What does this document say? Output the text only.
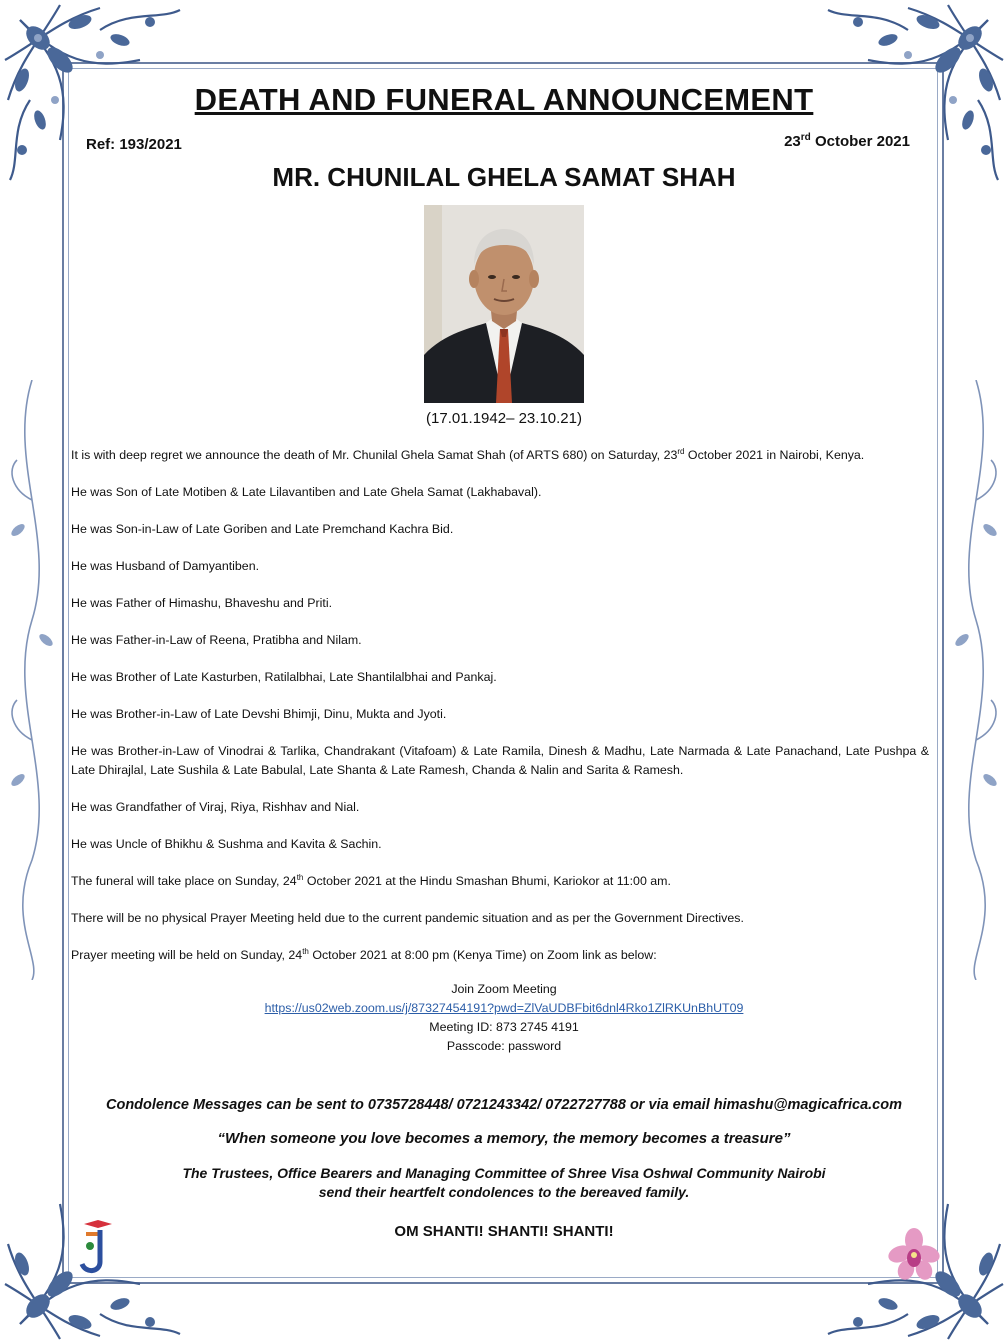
DEATH AND FUNERAL ANNOUNCEMENT
Ref: 193/2021	23rd October 2021
MR. CHUNILAL GHELA SAMAT SHAH
(17.01.1942– 23.10.21)

It is with deep regret we announce the death of Mr. Chunilal Ghela Samat Shah (of ARTS 680) on Saturday, 23rd October 2021 in Nairobi, Kenya.

He was Son of Late Motiben & Late Lilavantiben and Late Ghela Samat (Lakhabaval).

He was Son-in-Law of Late Goriben and Late Premchand Kachra Bid.

He was Husband of Damyantiben.

He was Father of Himashu, Bhaveshu and Priti.

He was Father-in-Law of Reena, Pratibha and Nilam.

He was Brother of Late Kasturben, Ratilalbhai, Late Shantilalbhai and Pankaj.

He was Brother-in-Law of Late Devshi Bhimji, Dinu, Mukta and Jyoti.

He was Brother-in-Law of Vinodrai & Tarlika, Chandrakant (Vitafoam) & Late Ramila, Dinesh & Madhu, Late Narmada & Late Panachand, Late Pushpa & Late Dhirajlal, Late Sushila & Late Babulal, Late Shanta & Late Ramesh, Chanda & Nalin and Sarita & Ramesh.

He was Grandfather of Viraj, Riya, Rishhav and Nial.

He was Uncle of Bhikhu & Sushma and Kavita & Sachin.

The funeral will take place on Sunday, 24th October 2021 at the Hindu Smashan Bhumi, Kariokor at 11:00 am.

There will be no physical Prayer Meeting held due to the current pandemic situation and as per the Government Directives.

Prayer meeting will be held on Sunday, 24th October 2021 at 8:00 pm (Kenya Time) on Zoom link as below:

Join Zoom Meeting
https://us02web.zoom.us/j/87327454191?pwd=ZlVaUDBFbit6dnl4Rko1ZlRKUnBhUT09
Meeting ID: 873 2745 4191
Passcode: password
Condolence Messages can be sent to 0735728448/ 0721243342/ 0722727788 or via email himashu@magicafrica.com
“When someone you love becomes a memory, the memory becomes a treasure”
The Trustees, Office Bearers and Managing Committee of Shree Visa Oshwal Community Nairobi
send their heartfelt condolences to the bereaved family.
OM SHANTI! SHANTI! SHANTI!
